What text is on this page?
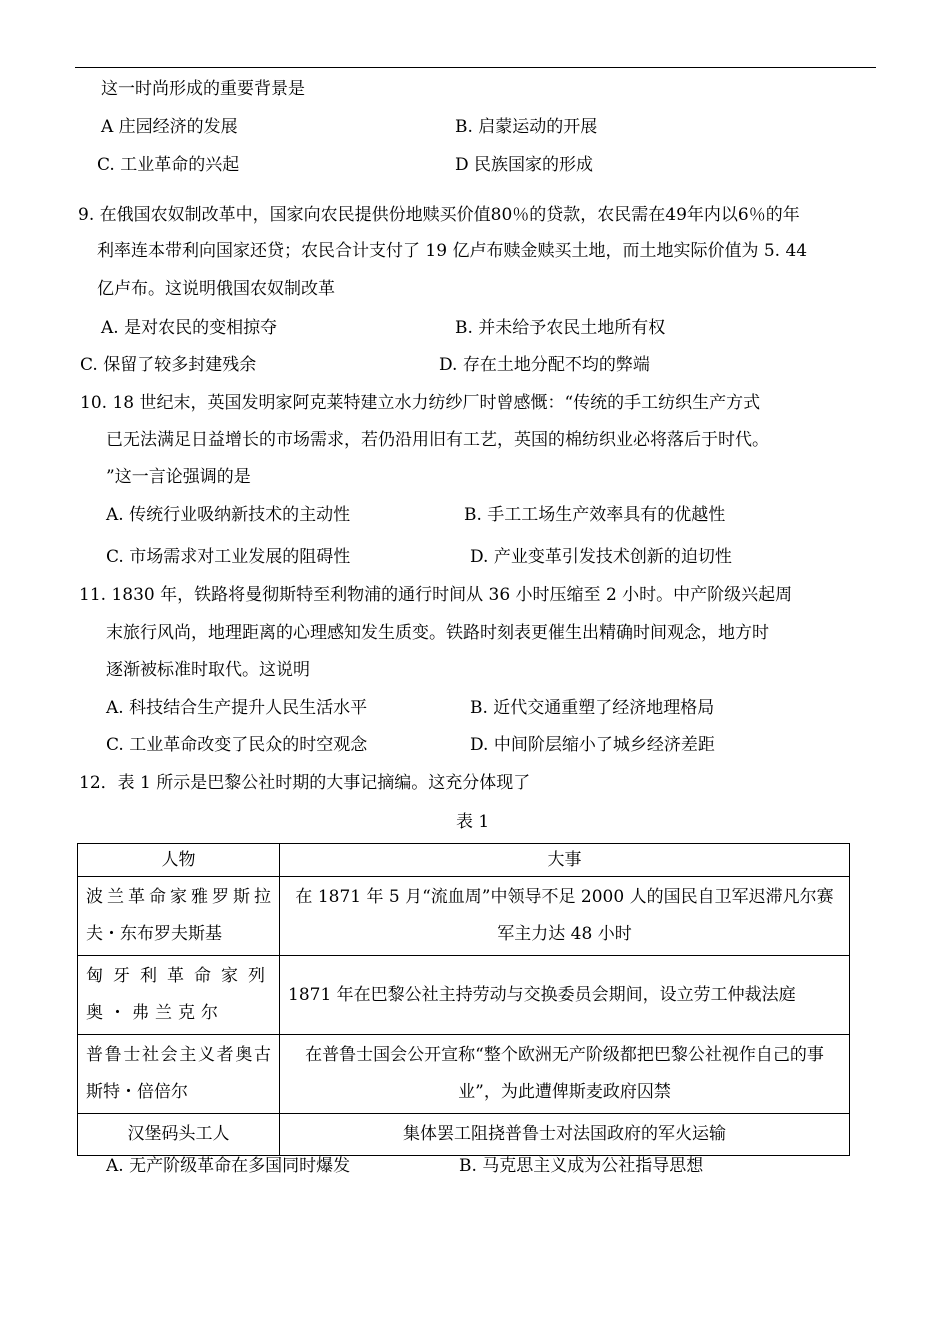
这一时尚形成的重要背景是
A 庄园经济的发展	B. 启蒙运动的开展
C. 工业革命的兴起	D 民族国家的形成
9. 在俄国农奴制改革中，国家向农民提供份地赎买价值80％的贷款，农民需在49年内以6％的年
利率连本带利向国家还贷；农民合计支付了 19 亿卢布赎金赎买土地，而土地实际价值为 5. 44
亿卢布。这说明俄国农奴制改革
A. 是对农民的变相掠夺	B. 并未给予农民土地所有权
C. 保留了较多封建残余	D. 存在土地分配不均的弊端
10. 18 世纪末，英国发明家阿克莱特建立水力纺纱厂时曾感慨：“传统的手工纺织生产方式
已无法满足日益增长的市场需求，若仍沿用旧有工艺，英国的棉纺织业必将落后于时代。
”这一言论强调的是
A. 传统行业吸纳新技术的主动性	B. 手工工场生产效率具有的优越性
C. 市场需求对工业发展的阻碍性	D. 产业变革引发技术创新的迫切性
11. 1830 年，铁路将曼彻斯特至利物浦的通行时间从 36 小时压缩至 2 小时。中产阶级兴起周
末旅行风尚，地理距离的心理感知发生质变。铁路时刻表更催生出精确时间观念，地方时
逐渐被标准时取代。这说明
A. 科技结合生产提升人民生活水平	B. 近代交通重塑了经济地理格局
C. 工业革命改变了民众的时空观念	D. 中间阶层缩小了城乡经济差距
12．表 1 所示是巴黎公社时期的大事记摘编。这充分体现了
表 1
人物	大事
波兰革命家雅罗斯拉夫・东布罗夫斯基	在 1871 年 5 月“流血周”中领导不足 2000 人的国民自卫军迟滞凡尔赛军主力达 48 小时
匈牙利革命家列奥・弗兰克尔	1871 年在巴黎公社主持劳动与交换委员会期间，设立劳工仲裁法庭
普鲁士社会主义者奥古斯特・倍倍尔	在普鲁士国会公开宣称“整个欧洲无产阶级都把巴黎公社视作自己的事业”，为此遭俾斯麦政府囚禁
汉堡码头工人	集体罢工阻挠普鲁士对法国政府的军火运输
A. 无产阶级革命在多国同时爆发	B. 马克思主义成为公社指导思想
